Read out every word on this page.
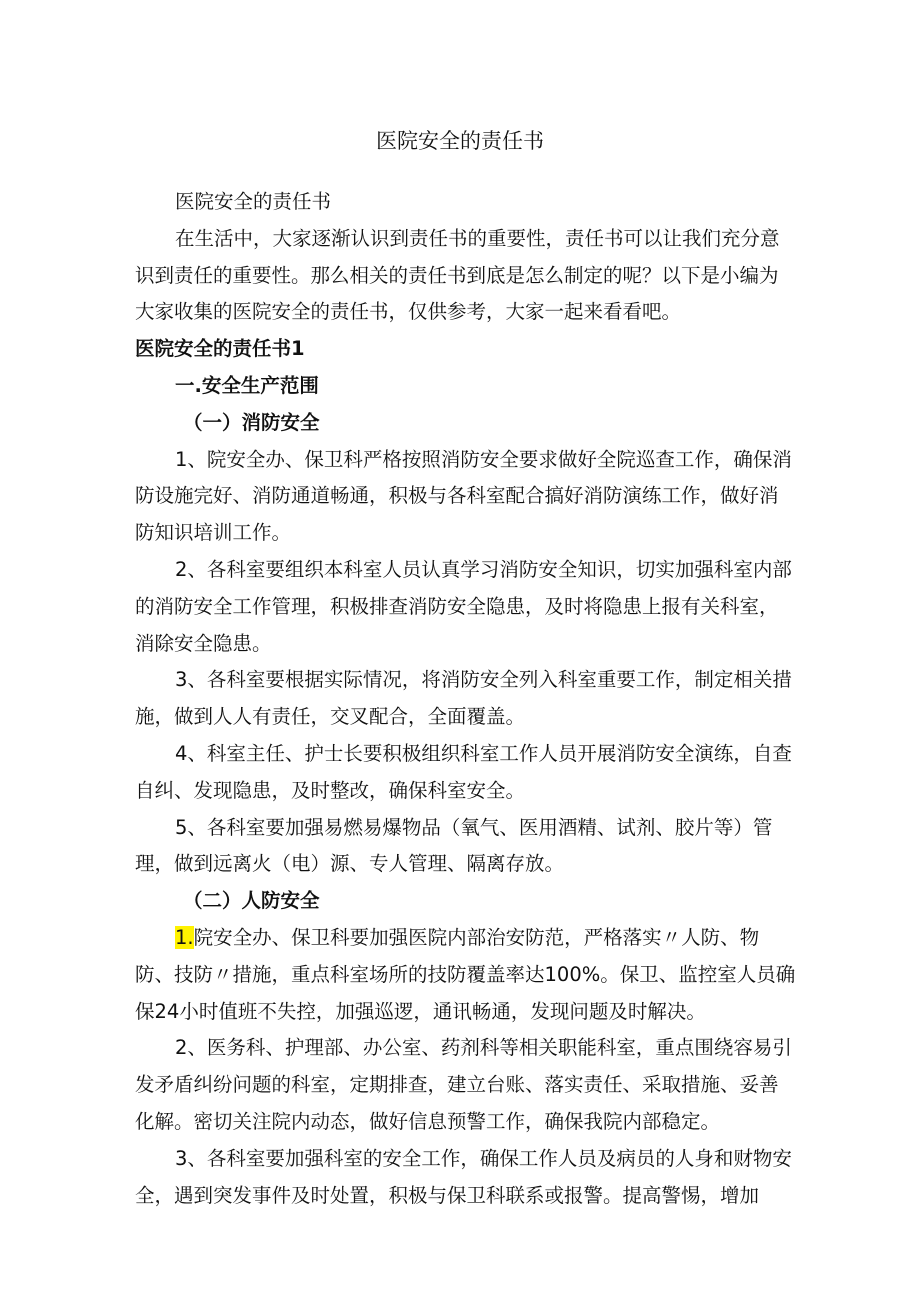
医院安全的责任书

医院安全的责任书

在生活中，大家逐渐认识到责任书的重要性，责任书可以让我们充分意识到责任的重要性。那么相关的责任书到底是怎么制定的呢？以下是小编为大家收集的医院安全的责任书，仅供参考，大家一起来看看吧。

医院安全的责任书1

一.安全生产范围

（一）消防安全

1、院安全办、保卫科严格按照消防安全要求做好全院巡查工作，确保消防设施完好、消防通道畅通，积极与各科室配合搞好消防演练工作，做好消防知识培训工作。

2、各科室要组织本科室人员认真学习消防安全知识，切实加强科室内部的消防安全工作管理，积极排查消防安全隐患，及时将隐患上报有关科室，消除安全隐患。

3、各科室要根据实际情况，将消防安全列入科室重要工作，制定相关措施，做到人人有责任，交叉配合，全面覆盖。

4、科室主任、护士长要积极组织科室工作人员开展消防安全演练，自查自纠、发现隐患，及时整改，确保科室安全。

5、各科室要加强易燃易爆物品（氧气、医用酒精、试剂、胶片等）管理，做到远离火（电）源、专人管理、隔离存放。

（二）人防安全

1.院安全办、保卫科要加强医院内部治安防范，严格落实〃人防、物防、技防〃措施，重点科室场所的技防覆盖率达100%。保卫、监控室人员确保24小时值班不失控，加强巡逻，通讯畅通，发现问题及时解决。

2、医务科、护理部、办公室、药剂科等相关职能科室，重点围绕容易引发矛盾纠纷问题的科室，定期排查，建立台账、落实责任、采取措施、妥善化解。密切关注院内动态，做好信息预警工作，确保我院内部稳定。

3、各科室要加强科室的安全工作，确保工作人员及病员的人身和财物安全，遇到突发事件及时处置，积极与保卫科联系或报警。提高警惕，增加
